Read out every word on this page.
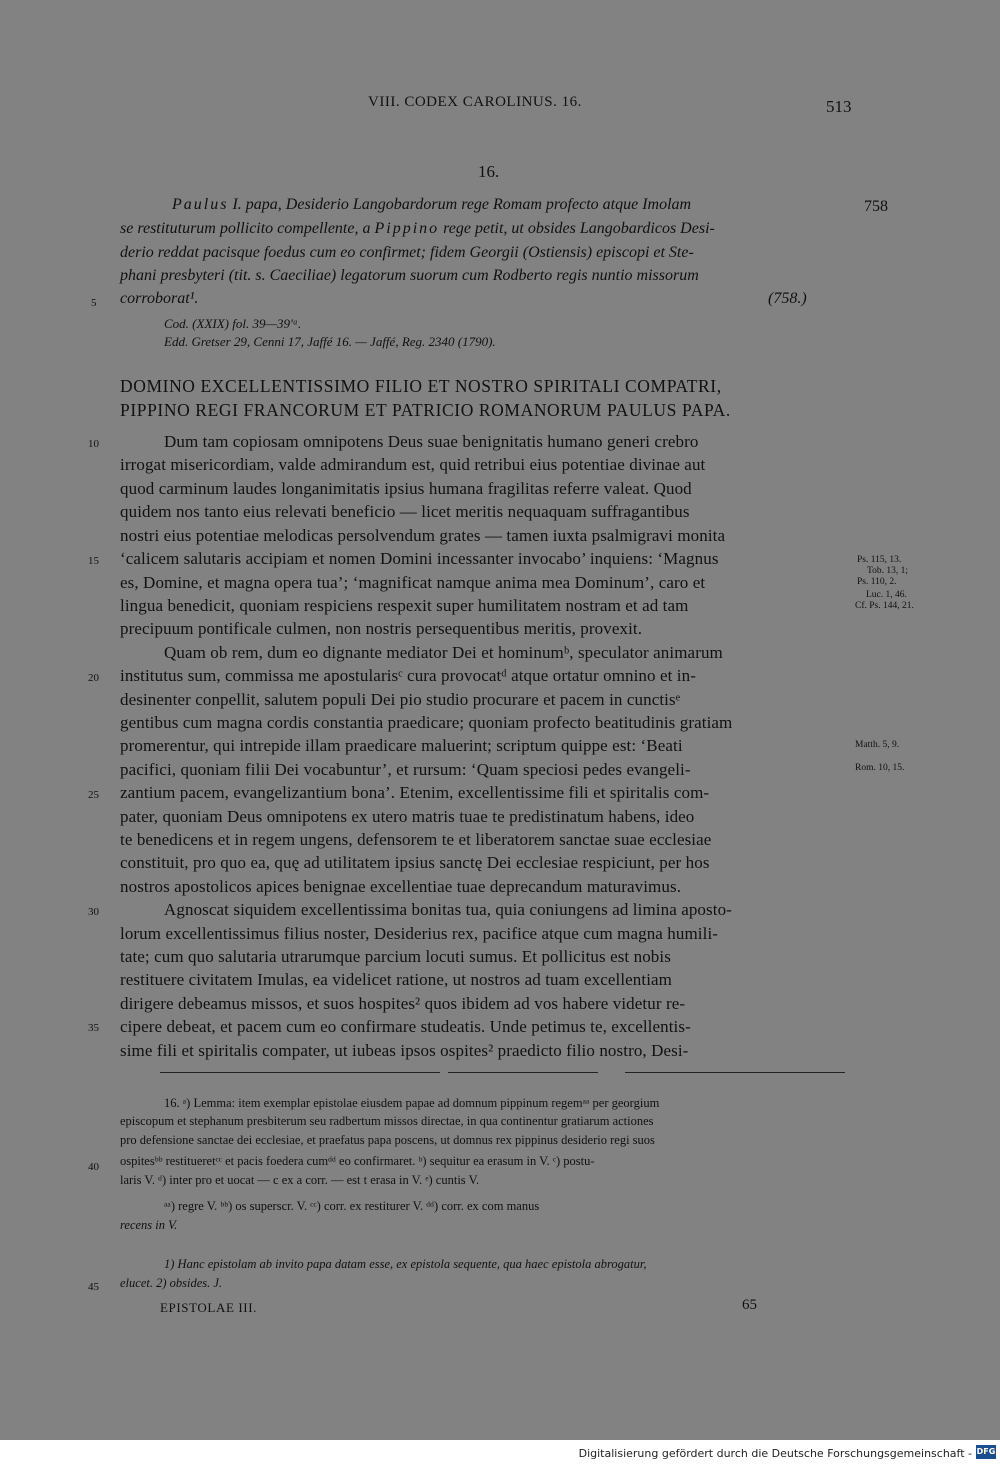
VIII. CODEX CAROLINUS. 16.	513
16.
Paulus I. papa, Desiderio Langobardorum rege Romam profecto atque Imolam
se restituturum pollicito compellente, a Pippino rege petit, ut obsides Langobardicos Desi-
derio reddat pacisque foedus cum eo confirmet; fidem Georgii (Ostiensis) episcopi et Ste-
phani presbyteri (tit. s. Caeciliae) legatorum suorum cum Rodberto regis nuntio missorum
corroborat¹.
758
(758.)
Cod. (XXIX) fol. 39—39'ᵃ.
Edd. Gretser 29, Cenni 17, Jaffé 16. — Jaffé, Reg. 2340 (1790).
DOMINO EXCELLENTISSIMO FILIO ET NOSTRO SPIRITALI COMPATRI,
PIPPINO REGI FRANCORUM ET PATRICIO ROMANORUM PAULUS PAPA.
Dum tam copiosam omnipotens Deus suae benignitatis humano generi crebro
irrogat misericordiam, valde admirandum est, quid retribui eius potentiae divinae aut
quod carminum laudes longanimitatis ipsius humana fragilitas referre valeat. Quod
quidem nos tanto eius relevati beneficio — licet meritis nequaquam suffragantibus
nostri eius potentiae melodicas persolvendum grates — tamen iuxta psalmigravi monita
‘calicem salutaris accipiam et nomen Domini incessanter invocabo’ inquiens: ‘Magnus
es, Domine, et magna opera tua’; ‘magnificat namque anima mea Dominum’, caro et
lingua benedicit, quoniam respiciens respexit super humilitatem nostram et ad tam
precipuum pontificale culmen, non nostris persequentibus meritis, provexit.
Quam ob rem, dum eo dignante mediator Dei et hominumᵇ, speculator animarum
institutus sum, commissa me apostularisᶜ cura provocatᵈ atque ortatur omnino et in-
desinenter conpellit, salutem populi Dei pio studio procurare et pacem in cunctisᵉ
gentibus cum magna cordis constantia praedicare; quoniam profecto beatitudinis gratiam
promerentur, qui intrepide illam praedicare maluerint; scriptum quippe est: ‘Beati
pacifici, quoniam filii Dei vocabuntur’, et rursum: ‘Quam speciosi pedes evangeli-
zantium pacem, evangelizantium bona’. Etenim, excellentissime fili et spiritalis com-
pater, quoniam Deus omnipotens ex utero matris tuae te predistinatum habens, ideo
te benedicens et in regem ungens, defensorem te et liberatorem sanctae suae ecclesiae
constituit, pro quo ea, quę ad utilitatem ipsius sanctę Dei ecclesiae respiciunt, per hos
nostros apostolicos apices benignae excellentiae tuae deprecandum maturavimus.
Agnoscat siquidem excellentissima bonitas tua, quia coniungens ad limina aposto-
lorum excellentissimus filius noster, Desiderius rex, pacifice atque cum magna humili-
tate; cum quo salutaria utrarumque parcium locuti sumus. Et pollicitus est nobis
restituere civitatem Imulas, ea videlicet ratione, ut nostros ad tuam excellentiam
dirigere debeamus missos, et suos hospites² quos ibidem ad vos habere videtur re-
cipere debeat, et pacem cum eo confirmare studeatis. Unde petimus te, excellentis-
sime fili et spiritalis compater, ut iubeas ipsos ospites² praedicto filio nostro, Desi-
5
10
15
20
25
30
35
40
45
Ps. 115, 13.
Tob. 13, 1;
Ps. 110, 2.
Luc. 1, 46.
Cf. Ps. 144, 21.
Matth. 5, 9.
Rom. 10, 15.
16. ᵃ) Lemma: item exemplar epistolae eiusdem papae ad domnum pippinum regemᵃᵃ per georgium
episcopum et stephanum presbiterum seu radbertum missos directae, in qua continentur gratiarum actiones
pro defensione sanctae dei ecclesiae, et praefatus papa poscens, ut domnus rex pippinus desiderio regi suos
ospitesᵇᵇ restitueretᶜᶜ et pacis foedera cumᵈᵈ eo confirmaret. ᵇ) sequitur ea erasum in V. ᶜ) postu-
laris V. ᵈ) inter pro et uocat — c ex a corr. — est t erasa in V. ᵉ) cuntis V.
ᵃᵃ) regre V. ᵇᵇ) os superscr. V. ᶜᶜ) corr. ex restiturer V. ᵈᵈ) corr. ex com manus
recens in V.
1) Hanc epistolam ab invito papa datam esse, ex epistola sequente, qua haec epistola abrogatur,
elucet. 2) obsides. J.
EPISTOLAE III.	65
Digitalisierung gefördert durch die Deutsche Forschungsgemeinschaft - DFG
